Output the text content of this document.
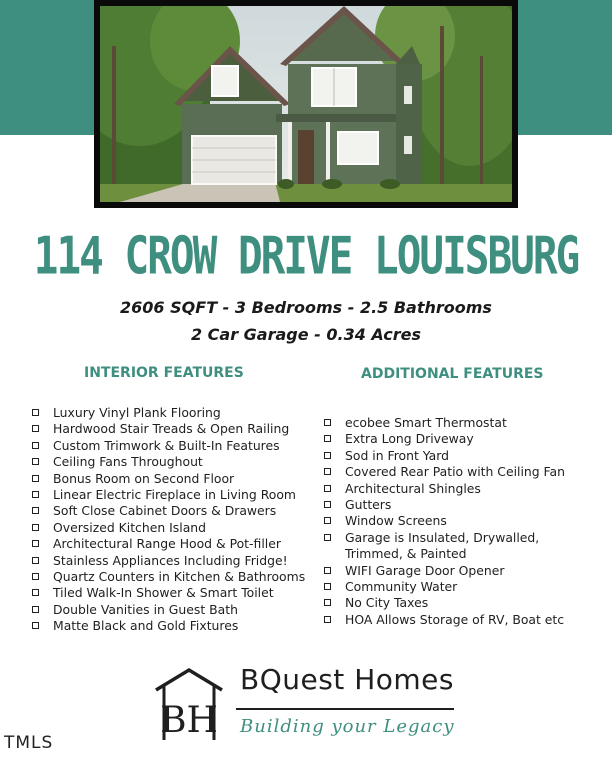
114 CROW DRIVE LOUISBURG
2606 SQFT - 3 Bedrooms - 2.5 Bathrooms
2 Car Garage - 0.34 Acres
INTERIOR FEATURES	ADDITIONAL FEATURES
Luxury Vinyl Plank Flooring
Hardwood Stair Treads & Open Railing
Custom Trimwork & Built-In Features
Ceiling Fans Throughout
Bonus Room on Second Floor
Linear Electric Fireplace in Living Room
Soft Close Cabinet Doors & Drawers
Oversized Kitchen Island
Architectural Range Hood & Pot-filler
Stainless Appliances Including Fridge!
Quartz Counters in Kitchen & Bathrooms
Tiled Walk-In Shower & Smart Toilet
Double Vanities in Guest Bath
Matte Black and Gold Fixtures
ecobee Smart Thermostat
Extra Long Driveway
Sod in Front Yard
Covered Rear Patio with Ceiling Fan
Architectural Shingles
Gutters
Window Screens
Garage is Insulated, Drywalled, Trimmed, & Painted
WIFI Garage Door Opener
Community Water
No City Taxes
HOA Allows Storage of RV, Boat etc
BH
BQuest Homes
Building your Legacy
TMLS
